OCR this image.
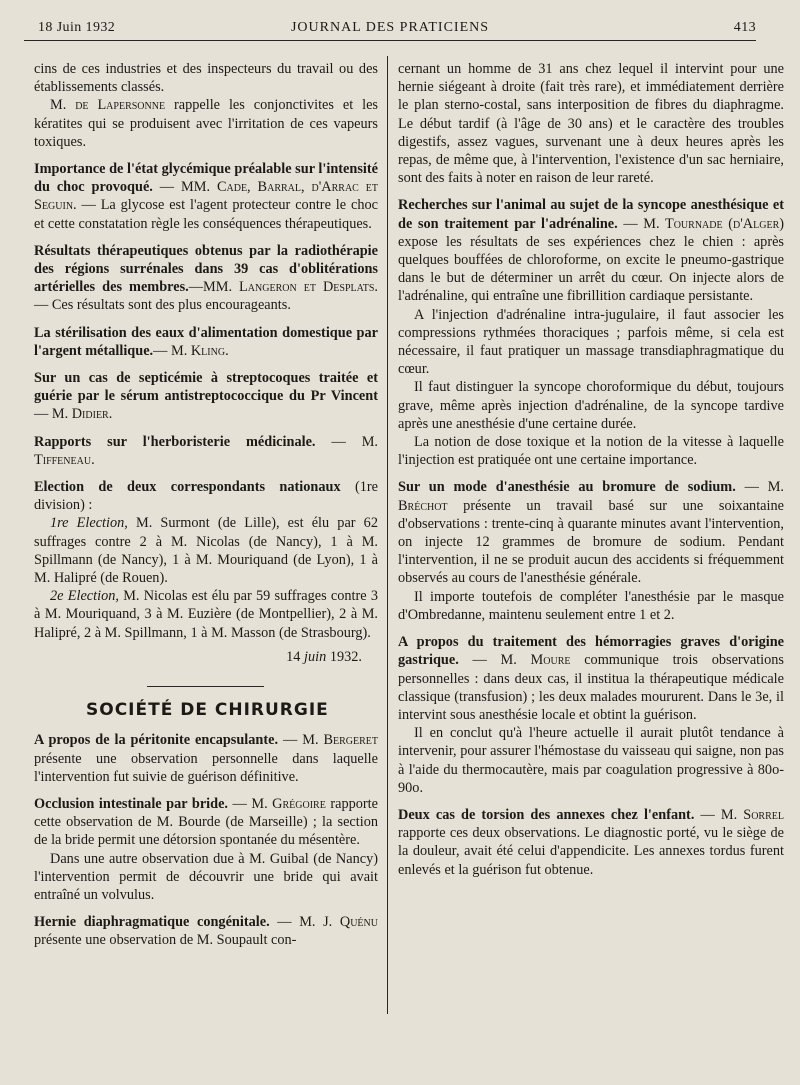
18 Juin 1932	JOURNAL DES PRATICIENS	413

cins de ces industries et des inspecteurs du travail ou des établissements classés.

M. de Lapersonne rappelle les conjonctivites et les kératites qui se produisent avec l'irritation de ces vapeurs toxiques.

Importance de l'état glycémique préalable sur l'intensité du choc provoqué. — MM. Cade, Barral, d'Arrac et Seguin. — La glycose est l'agent protecteur contre le choc et cette constatation règle les conséquences thérapeutiques.

Résultats thérapeutiques obtenus par la radiothérapie des régions surrénales dans 39 cas d'oblitérations artérielles des membres.—MM. Langeron et Desplats. — Ces résultats sont des plus encourageants.

La stérilisation des eaux d'alimentation domestique par l'argent métallique.— M. Kling.

Sur un cas de septicémie à streptocoques traitée et guérie par le sérum antistreptococcique du Pr Vincent — M. Didier.

Rapports sur l'herboristerie médicinale. — M. Tiffeneau.

Election de deux correspondants nationaux (1re division) :

1re Election, M. Surmont (de Lille), est élu par 62 suffrages contre 2 à M. Nicolas (de Nancy), 1 à M. Spillmann (de Nancy), 1 à M. Mouriquand (de Lyon), 1 à M. Halipré (de Rouen).

2e Election, M. Nicolas est élu par 59 suffrages contre 3 à M. Mouriquand, 3 à M. Euzière (de Montpellier), 2 à M. Halipré, 2 à M. Spillmann, 1 à M. Masson (de Strasbourg).

14 juin 1932.

SOCIÉTÉ DE CHIRURGIE

A propos de la péritonite encapsulante. — M. Bergeret présente une observation personnelle dans laquelle l'intervention fut suivie de guérison définitive.

Occlusion intestinale par bride. — M. Grégoire rapporte cette observation de M. Bourde (de Marseille) ; la section de la bride permit une détorsion spontanée du mésentère.

Dans une autre observation due à M. Guibal (de Nancy) l'intervention permit de découvrir une bride qui avait entraîné un volvulus.

Hernie diaphragmatique congénitale. — M. J. Quénu présente une observation de M. Soupault con-

cernant un homme de 31 ans chez lequel il intervint pour une hernie siégeant à droite (fait très rare), et immédiatement derrière le plan sterno-costal, sans interposition de fibres du diaphragme. Le début tardif (à l'âge de 30 ans) et le caractère des troubles digestifs, assez vagues, survenant une à deux heures après les repas, de même que, à l'intervention, l'existence d'un sac herniaire, sont des faits à noter en raison de leur rareté.

Recherches sur l'animal au sujet de la syncope anesthésique et de son traitement par l'adrénaline. — M. Tournade (d'Alger) expose les résultats de ses expériences chez le chien : après quelques bouffées de chloroforme, on excite le pneumo-gastrique dans le but de déterminer un arrêt du cœur. On injecte alors de l'adrénaline, qui entraîne une fibrillition cardiaque persistante.

A l'injection d'adrénaline intra-jugulaire, il faut associer les compressions rythmées thoraciques ; parfois même, si cela est nécessaire, il faut pratiquer un massage transdiaphragmatique du cœur.

Il faut distinguer la syncope choroformique du début, toujours grave, même après injection d'adrénaline, de la syncope tardive après une anesthésie d'une certaine durée.

La notion de dose toxique et la notion de la vitesse à laquelle l'injection est pratiquée ont une certaine importance.

Sur un mode d'anesthésie au bromure de sodium. — M. Bréchot présente un travail basé sur une soixantaine d'observations : trente-cinq à quarante minutes avant l'intervention, on injecte 12 grammes de bromure de sodium. Pendant l'intervention, il ne se produit aucun des accidents si fréquemment observés au cours de l'anesthésie générale.

Il importe toutefois de compléter l'anesthésie par le masque d'Ombredanne, maintenu seulement entre 1 et 2.

A propos du traitement des hémorragies graves d'origine gastrique. — M. Moure communique trois observations personnelles : dans deux cas, il institua la thérapeutique médicale classique (transfusion) ; les deux malades moururent. Dans le 3e, il intervint sous anesthésie locale et obtint la guérison.

Il en conclut qu'à l'heure actuelle il aurait plutôt tendance à intervenir, pour assurer l'hémostase du vaisseau qui saigne, non pas à l'aide du thermocautère, mais par coagulation progressive à 80o-90o.

Deux cas de torsion des annexes chez l'enfant. — M. Sorrel rapporte ces deux observations. Le diagnostic porté, vu le siège de la douleur, avait été celui d'appendicite. Les annexes tordus furent enlevés et la guérison fut obtenue.
